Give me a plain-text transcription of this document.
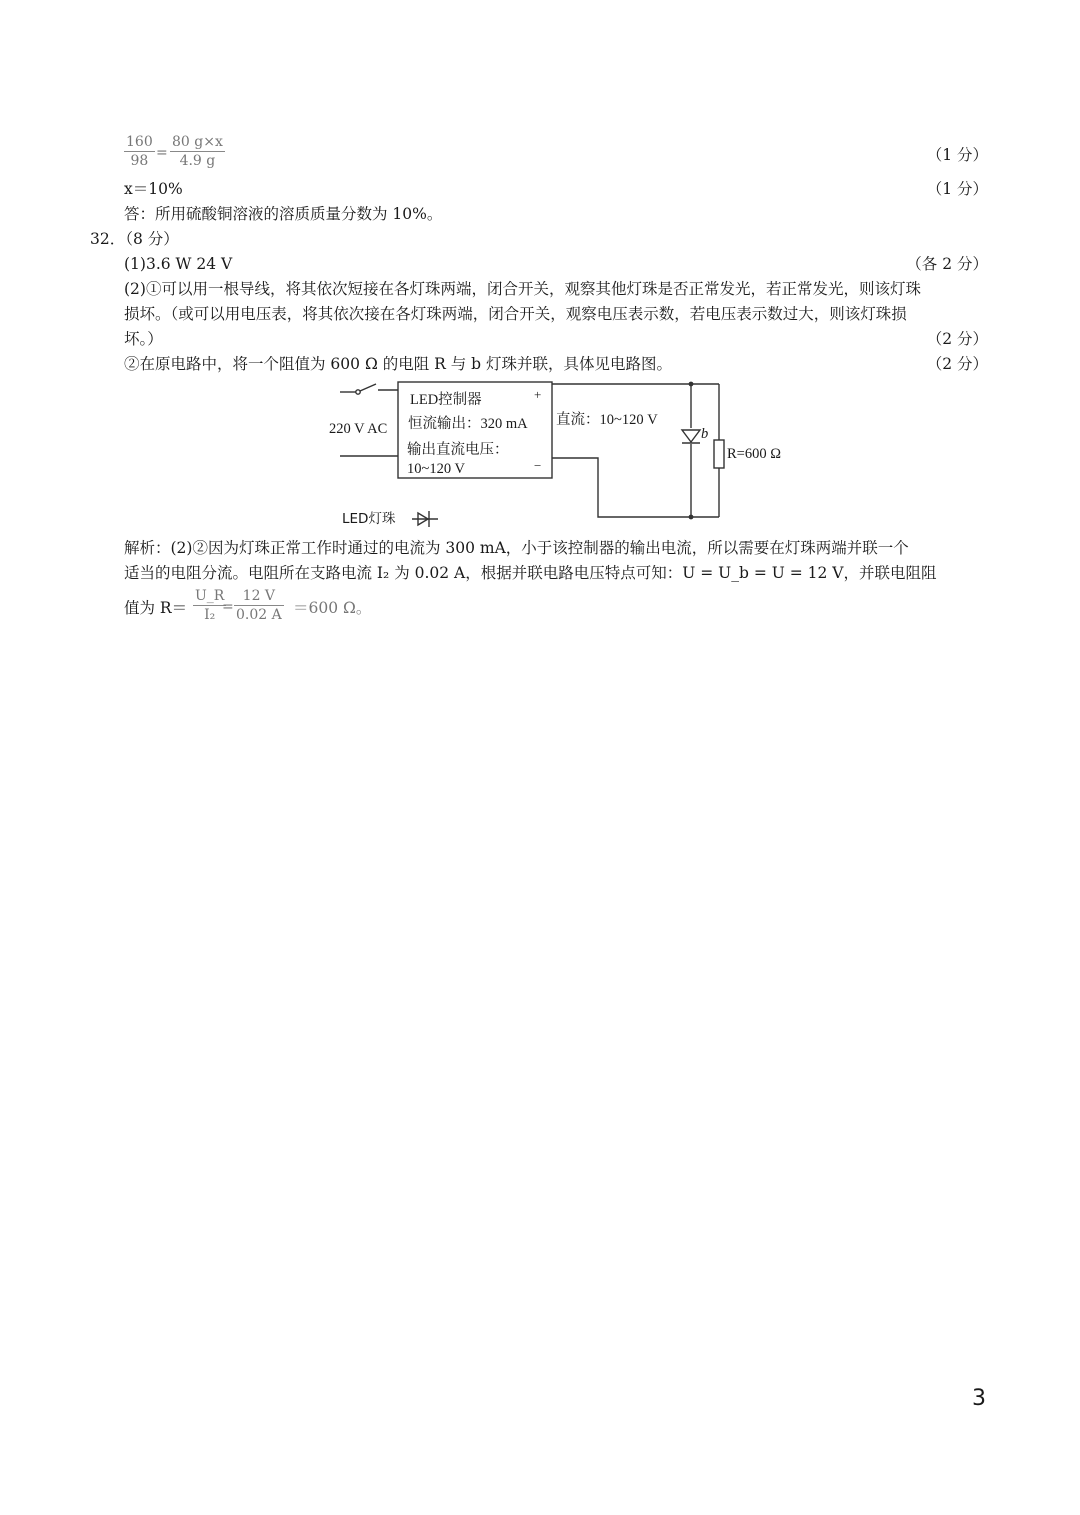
160
98 =
80 g×x
4.9 g	（1 分）
x＝10%	（1 分）
答：所用硫酸铜溶液的溶质质量分数为 10%。
32．（8 分）
(1)3.6 W 24 V	（各 2 分）
(2)①可以用一根导线，将其依次短接在各灯珠两端，闭合开关，观察其他灯珠是否正常发光，若正常发光，则该灯珠
损坏。（或可以用电压表，将其依次接在各灯珠两端，闭合开关，观察电压表示数，若电压表示数过大，则该灯珠损
坏。）	（2 分）
②在原电路中，将一个阻值为 600 Ω 的电阻 R 与 b 灯珠并联，具体见电路图。	（2 分）
220 V AC
LED控制器	+
恒流输出：320 mA
输出直流电压：
10~120 V	−
直流：10~120 V
b
R=600 Ω
LED灯珠
解析：(2)②因为灯珠正常工作时通过的电流为 300 mA，小于该控制器的输出电流，所以需要在灯珠两端并联一个
适当的电阻分流。电阻所在支路电流 I₂ 为 0.02 A，根据并联电路电压特点可知：U = U_b = U = 12 V，并联电阻阻
值为 R＝
U_R
I₂ =
12 V
0.02 A ＝600 Ω。
3
